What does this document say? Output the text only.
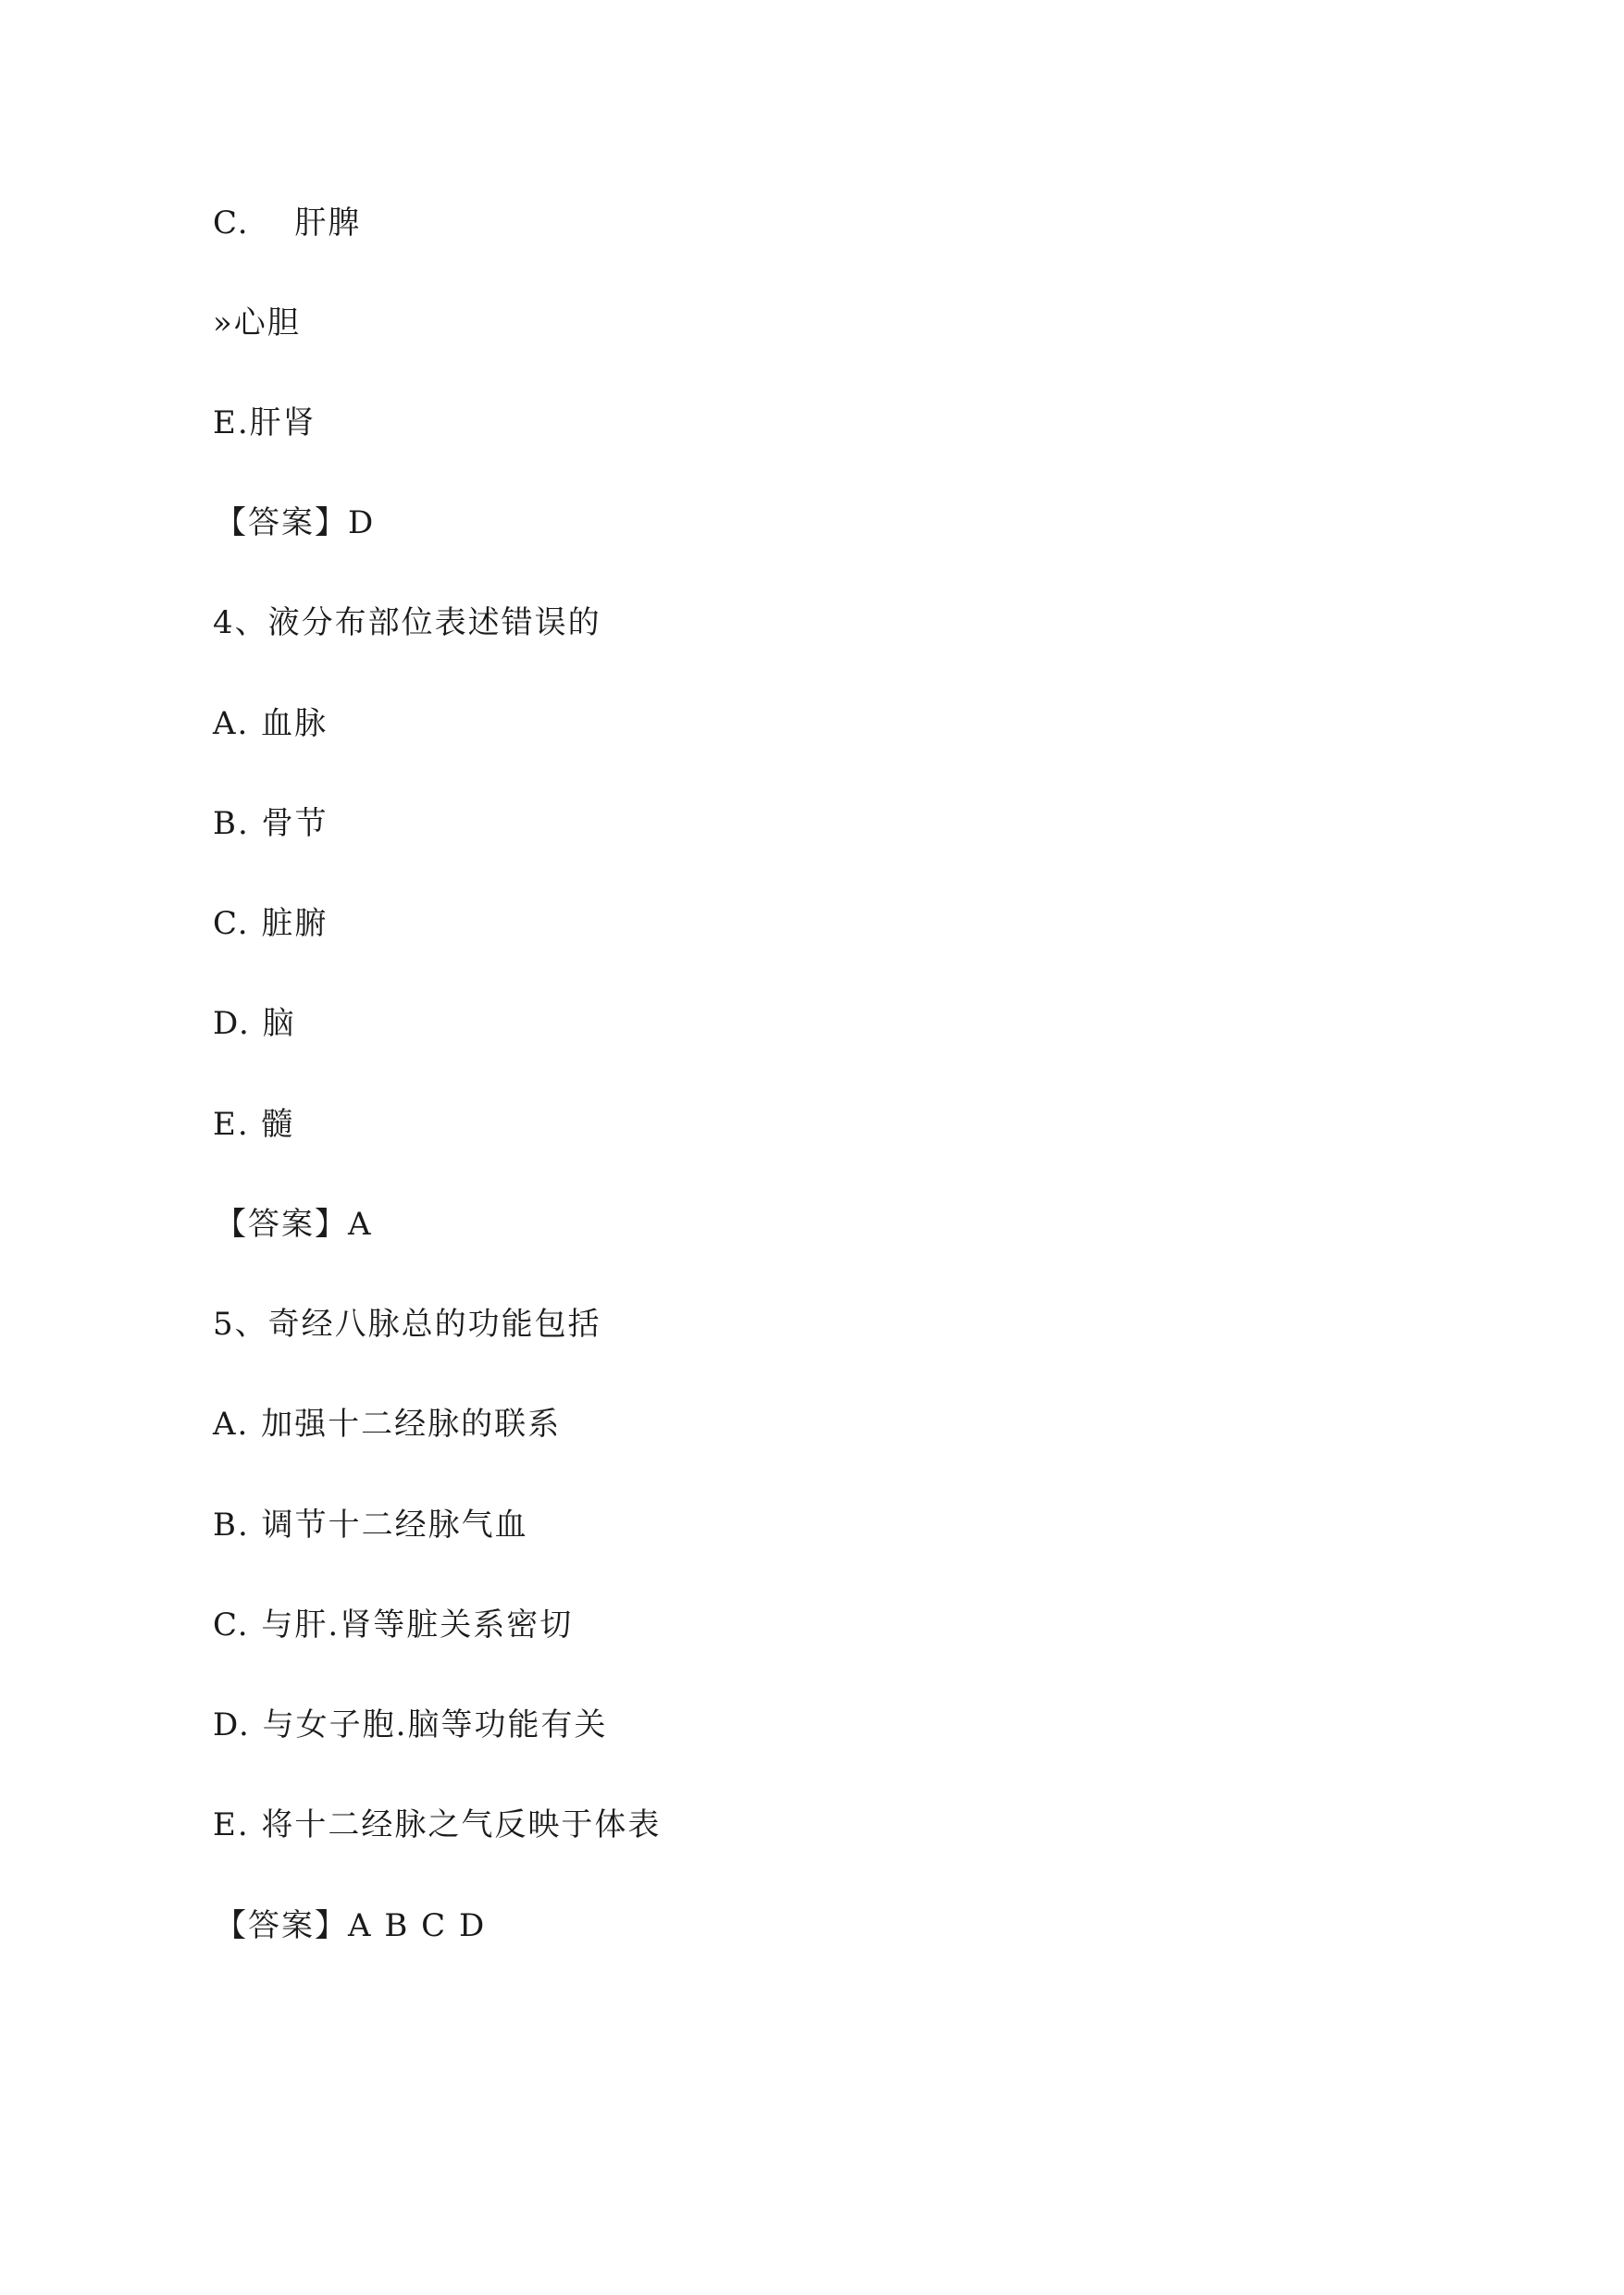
C.　 肝脾
»心胆
E.肝肾
【答案】D
4、液分布部位表述错误的
A. 血脉
B. 骨节
C. 脏腑
D. 脑
E. 髓
【答案】A
5、奇经八脉总的功能包括
A. 加强十二经脉的联系
B. 调节十二经脉气血
C. 与肝.肾等脏关系密切
D. 与女子胞.脑等功能有关
E. 将十二经脉之气反映于体表
【答案】A B C D
